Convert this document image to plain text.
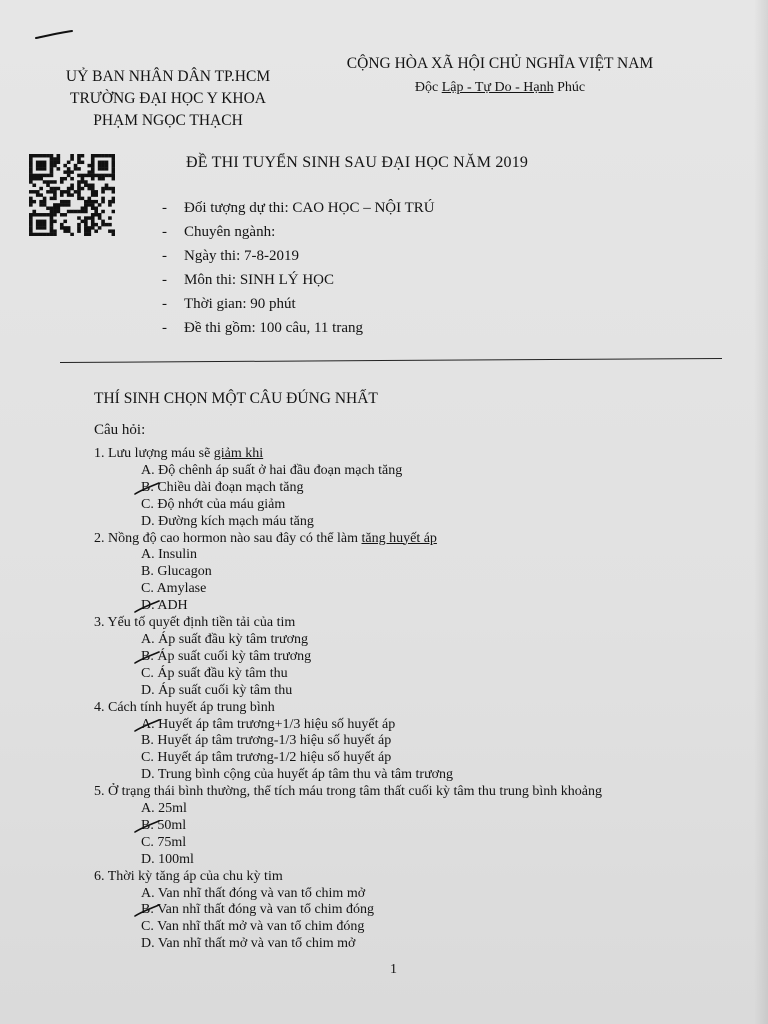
UỶ BAN NHÂN DÂN TP.HCM
TRƯỜNG ĐẠI HỌC Y KHOA
PHẠM NGỌC THẠCH
CỘNG HÒA XÃ HỘI CHỦ NGHĨA VIỆT NAM
Độc Lập - Tự Do - Hạnh Phúc
ĐỀ THI TUYỂN SINH SAU ĐẠI HỌC NĂM 2019
- Đối tượng dự thi: CAO HỌC – NỘI TRÚ
- Chuyên ngành:
- Ngày thi: 7-8-2019
- Môn thi: SINH LÝ HỌC
- Thời gian: 90 phút
- Đề thi gồm: 100 câu, 11 trang
THÍ SINH CHỌN MỘT CÂU ĐÚNG NHẤT
Câu hỏi:
1. Lưu lượng máu sẽ giảm khi
A. Độ chênh áp suất ở hai đầu đoạn mạch tăng
B. Chiều dài đoạn mạch tăng
C. Độ nhớt của máu giảm
D. Đường kích mạch máu tăng
2. Nồng độ cao hormon nào sau đây có thể làm tăng huyết áp
A. Insulin
B. Glucagon
C. Amylase
D. ADH
3. Yếu tố quyết định tiền tải của tim
A. Áp suất đầu kỳ tâm trương
B. Áp suất cuối kỳ tâm trương
C. Áp suất đầu kỳ tâm thu
D. Áp suất cuối kỳ tâm thu
4. Cách tính huyết áp trung bình
A. Huyết áp tâm trương+1/3 hiệu số huyết áp
B. Huyết áp tâm trương-1/3 hiệu số huyết áp
C. Huyết áp tâm trương-1/2 hiệu số huyết áp
D. Trung bình cộng của huyết áp tâm thu và tâm trương
5. Ở trạng thái bình thường, thể tích máu trong tâm thất cuối kỳ tâm thu trung bình khoảng
A. 25ml
B. 50ml
C. 75ml
D. 100ml
6. Thời kỳ tăng áp của chu kỳ tim
A. Van nhĩ thất đóng và van tổ chim mở
B. Van nhĩ thất đóng và van tổ chim đóng
C. Van nhĩ thất mở và van tổ chim đóng
D. Van nhĩ thất mở và van tổ chim mở
1
